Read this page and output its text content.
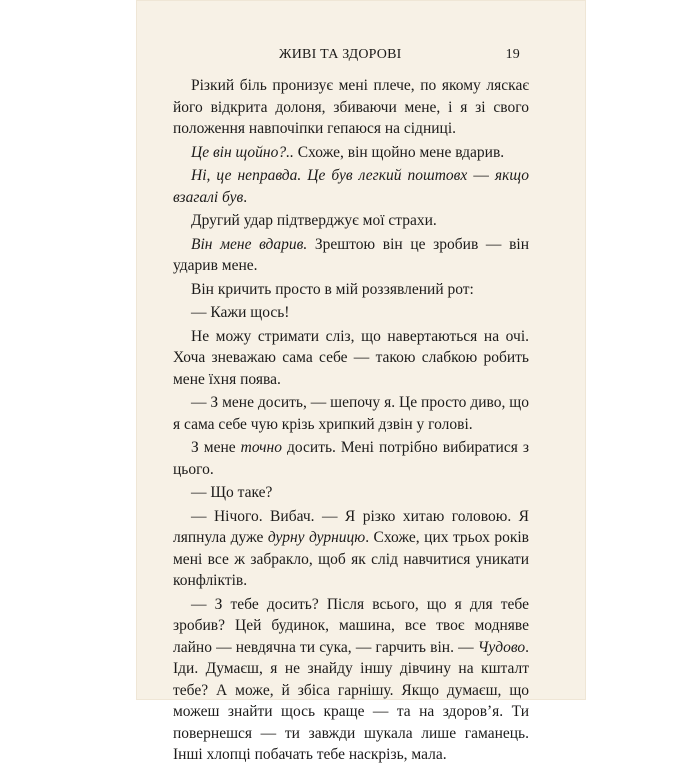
ЖИВІ ТА ЗДОРОВІ	19

Різкий біль пронизує мені плече, по якому ляскає його відкрита долоня, збиваючи мене, і я зі свого положення навпочіпки гепаюся на сідниці.

Це він щойно?.. Схоже, він щойно мене вдарив.

Ні, це неправда. Це був легкий поштовх — якщо взагалі був.

Другий удар підтверджує мої страхи.

Він мене вдарив. Зрештою він це зробив — він ударив мене.

Він кричить просто в мій роззявлений рот:

— Кажи щось!

Не можу стримати сліз, що навертаються на очі. Хоча зневажаю сама себе — такою слабкою робить мене їхня поява.

— З мене досить, — шепочу я. Це просто диво, що я сама себе чую крізь хрипкий дзвін у голові.

З мене точно досить. Мені потрібно вибиратися з цього.

— Що таке?

— Нічого. Вибач. — Я різко хитаю головою. Я ляпнула дуже дурну дурницю. Схоже, цих трьох років мені все ж забракло, щоб як слід навчитися уникати конфліктів.

— З тебе досить? Після всього, що я для тебе зробив? Цей будинок, машина, все твоє модняве лайно — невдячна ти сука, — гарчить він. — Чудово. Іди. Думаєш, я не знайду іншу дівчину на кшталт тебе? А може, й збіса гарнішу. Якщо думаєш, що можеш знайти щось краще — та на здоров’я. Ти повернешся — ти завжди шукала лише гаманець. Інші хлопці побачать тебе наскрізь, мала.
